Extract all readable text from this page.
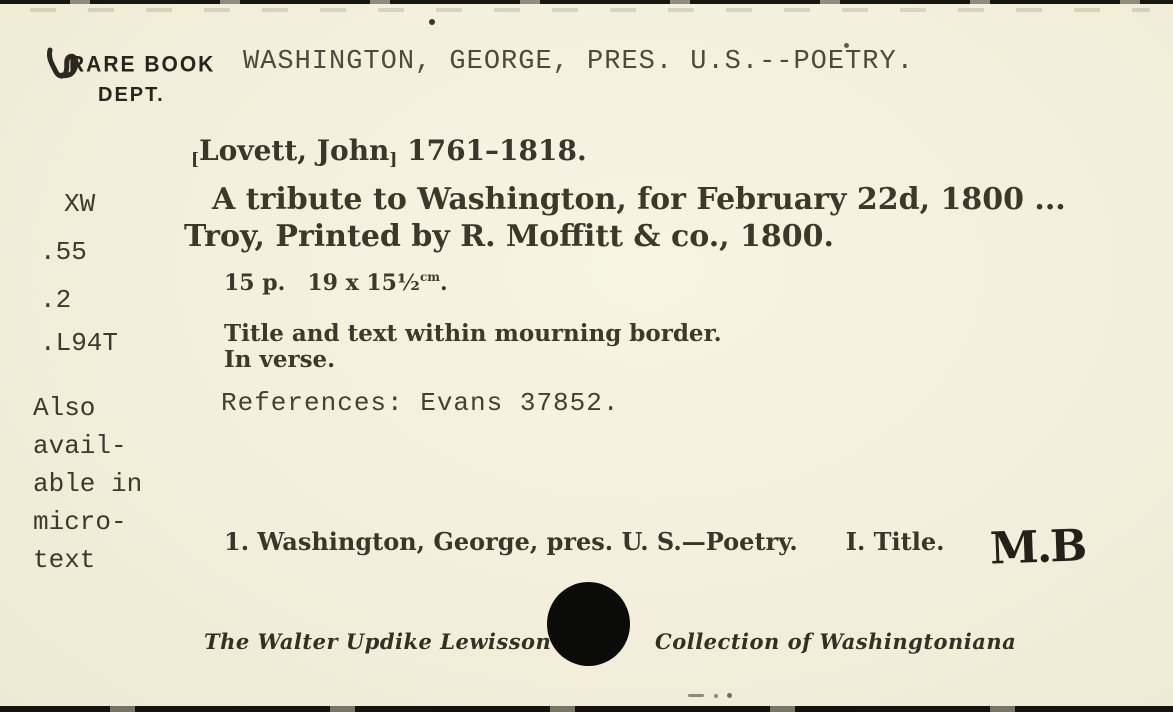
RARE BOOK
DEPT.
WASHINGTON, GEORGE, PRES. U.S.--POETRY.
[Lovett, John] 1761–1818.
A tribute to Washington, for February 22d, 1800 ...
Troy, Printed by R. Moffitt & co., 1800.
15 p. 19 x 15½$^{cm}$.
Title and text within mourning border.
In verse.
References: Evans 37852.
XW
.55
.2
.L94T
Also
avail-
able in
micro-
text
1. Washington, George, pres. U. S.—Poetry. I. Title. M.B
The Walter Updike Lewisson	Collection of Washingtoniana
